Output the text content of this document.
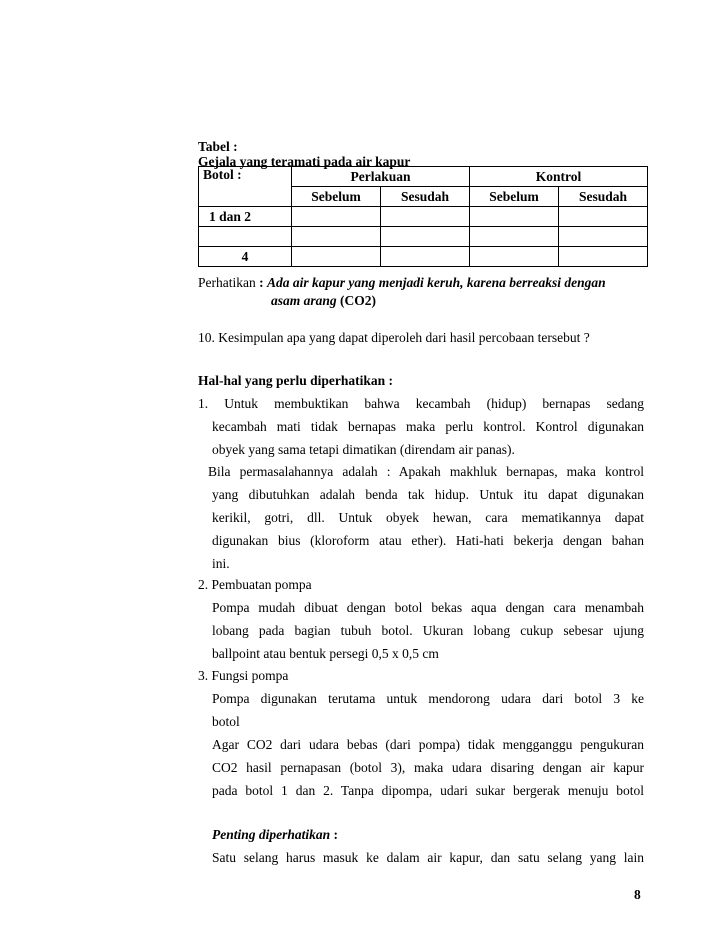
Tabel :
Gejala yang teramati pada air kapur
Botol :	Perlakuan		Kontrol	
	Sebelum	Sesudah	Sebelum	Sesudah
1 dan 2				

4				
Perhatikan : Ada air kapur yang menjadi keruh, karena berreaksi dengan
asam arang (CO2)
10. Kesimpulan apa yang dapat diperoleh dari hasil percobaan tersebut ?
Hal-hal yang perlu diperhatikan :
1. Untuk membuktikan bahwa kecambah (hidup) bernapas sedang
kecambah mati tidak bernapas maka perlu kontrol. Kontrol digunakan
obyek yang sama tetapi dimatikan (direndam air panas).
Bila permasalahannya adalah : Apakah makhluk bernapas, maka kontrol
yang dibutuhkan adalah benda tak hidup. Untuk itu dapat digunakan
kerikil, gotri, dll. Untuk obyek hewan, cara mematikannya dapat
digunakan bius (kloroform atau ether). Hati-hati bekerja dengan bahan
ini.
2. Pembuatan pompa
Pompa mudah dibuat dengan botol bekas aqua dengan cara menambah
lobang pada bagian tubuh botol. Ukuran lobang cukup sebesar ujung
ballpoint atau bentuk persegi 0,5 x 0,5 cm
3. Fungsi pompa
Pompa digunakan terutama untuk mendorong udara dari botol 3 ke
botol
Agar CO2 dari udara bebas (dari pompa) tidak mengganggu pengukuran
CO2 hasil pernapasan (botol 3), maka udara disaring dengan air kapur
pada botol 1 dan 2. Tanpa dipompa, udari sukar bergerak menuju botol
Penting diperhatikan :
Satu selang harus masuk ke dalam air kapur, dan satu selang yang lain
8
